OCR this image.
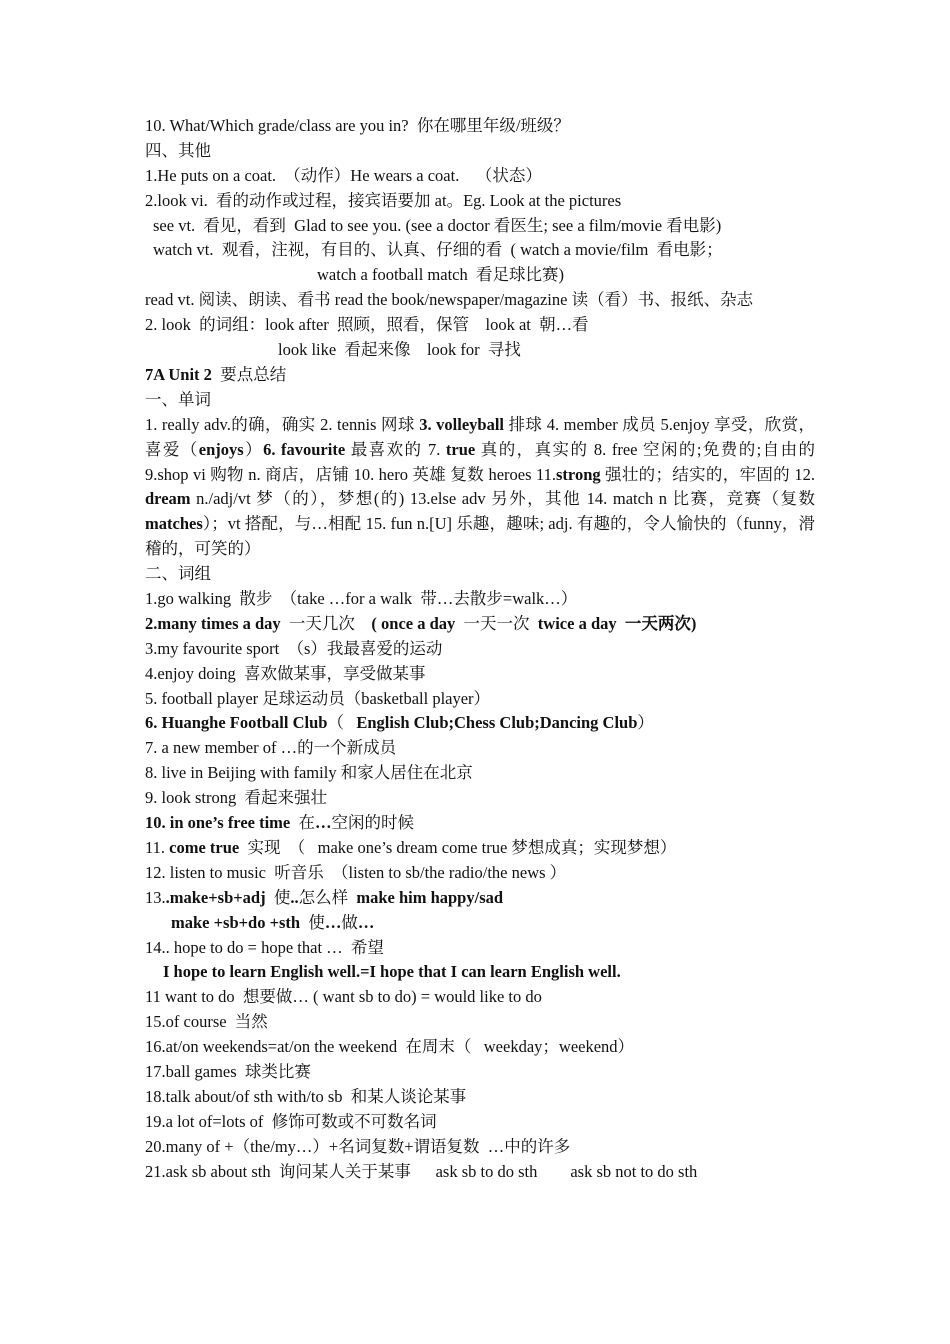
10. What/Which grade/class are you in?  你在哪里年级/班级？
四、其他
1.He puts on a coat.  （动作）He wears a coat.    （状态）
2.look vi.  看的动作或过程，接宾语要加 at。Eg. Look at the pictures
see vt.  看见，看到  Glad to see you. (see a doctor 看医生; see a film/movie 看电影)
watch vt.  观看，注视，有目的、认真、仔细的看  ( watch a movie/film  看电影；
watch a football match  看足球比赛)
read vt. 阅读、朗读、看书 read the book/newspaper/magazine 读（看）书、报纸、杂志
2. look  的词组：look after  照顾，照看，保管    look at  朝…看
look like  看起来像    look for  寻找
7A Unit 2  要点总结
一、单词
1. really adv.的确，确实 2. tennis 网球 3. volleyball 排球 4. member 成员 5.enjoy 享受，欣赏，喜爱（enjoys）6. favourite 最喜欢的 7. true 真的，真实的 8. free 空闲的;免费的;自由的 9.shop vi 购物 n. 商店，店铺 10. hero 英雄 复数 heroes 11.strong 强壮的；结实的，牢固的 12. dream n./adj/vt 梦（的），梦想(的) 13.else adv 另外，其他 14. match n 比赛，竞赛（复数 matches）；vt 搭配，与…相配 15. fun n.[U] 乐趣，趣味; adj. 有趣的，令人愉快的（funny，滑稽的，可笑的）
二、词组
1.go walking  散步  （take …for a walk  带…去散步=walk…）
2.many times a day  一天几次    ( once a day  一天一次  twice a day  一天两次)
3.my favourite sport  （s）我最喜爱的运动
4.enjoy doing  喜欢做某事，享受做某事
5. football player 足球运动员（basketball player）
6. Huanghe Football Club（   English Club;Chess Club;Dancing Club）
7. a new member of …的一个新成员
8. live in Beijing with family 和家人居住在北京
9. look strong  看起来强壮
10. in one’s free time  在…空闲的时候
11. come true  实现  （   make one’s dream come true 梦想成真；实现梦想）
12. listen to music  听音乐  （listen to sb/the radio/the news ）
13..make+sb+adj  使..怎么样  make him happy/sad
make +sb+do +sth  使…做…
14.. hope to do = hope that …  希望
I hope to learn English well.=I hope that I can learn English well.
11 want to do  想要做… ( want sb to do) = would like to do
15.of course  当然
16.at/on weekends=at/on the weekend  在周末（   weekday；weekend）
17.ball games  球类比赛
18.talk about/of sth with/to sb  和某人谈论某事
19.a lot of=lots of  修饰可数或不可数名词
20.many of +（the/my…）+名词复数+谓语复数  …中的许多
21.ask sb about sth  询问某人关于某事      ask sb to do sth        ask sb not to do sth
